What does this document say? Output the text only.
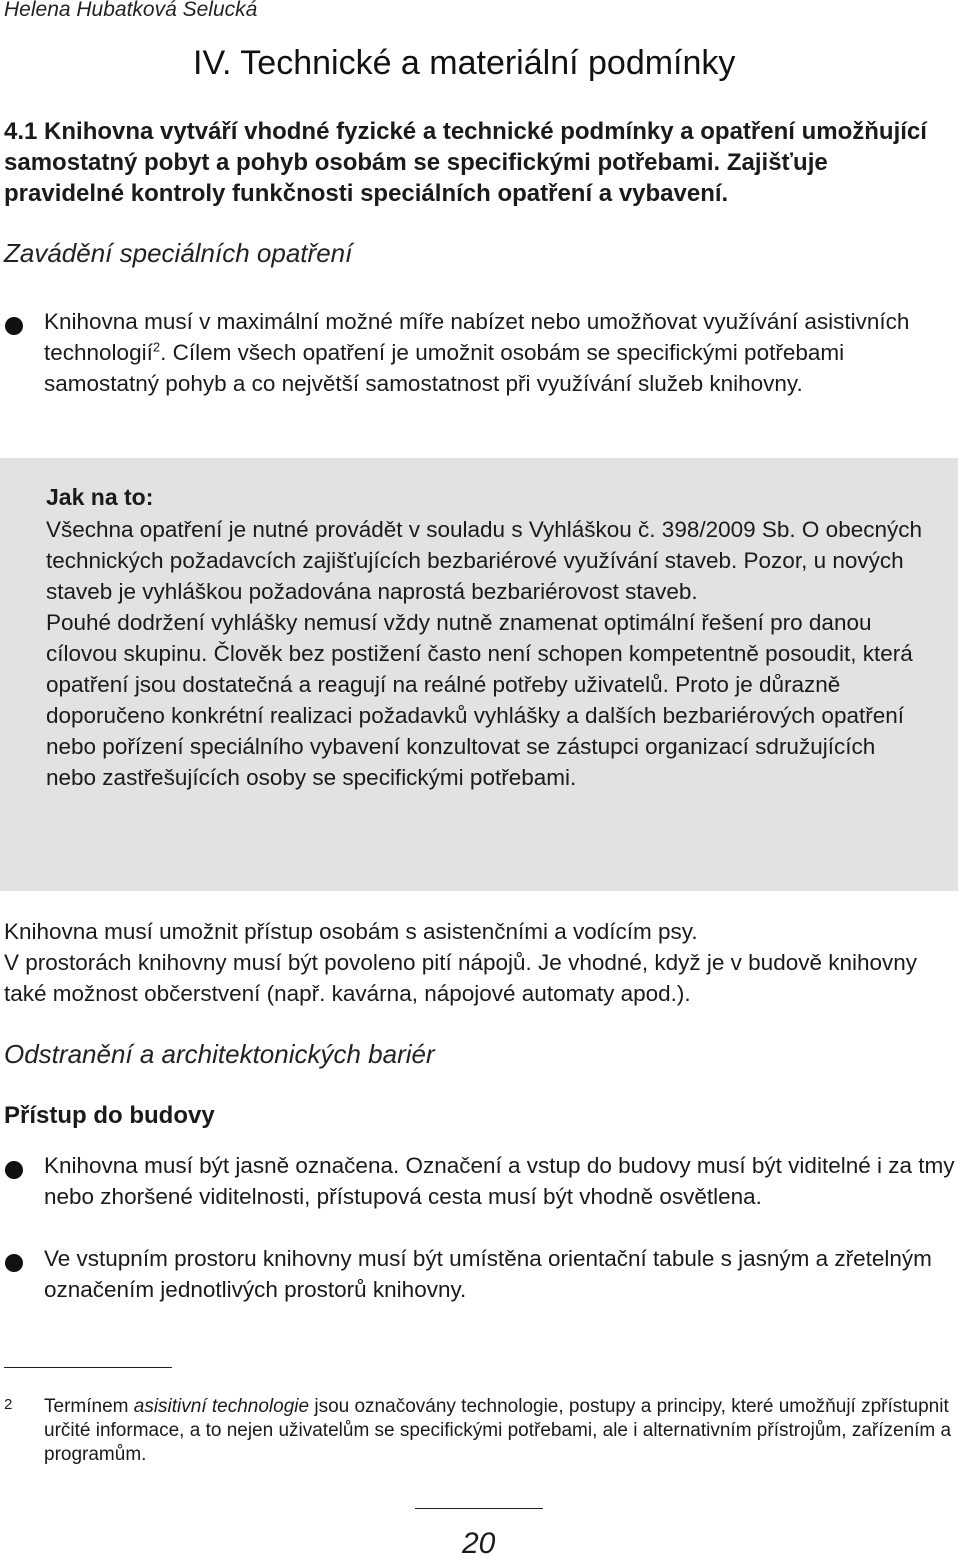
Helena Hubatková Selucká
IV. Technické a materiální podmínky
4.1 Knihovna vytváří vhodné fyzické a technické podmínky a opatření umožňující samostatný pobyt a pohyb osobám se specifickými potřebami. Zajišťuje pravidelné kontroly funkčnosti speciálních opatření a vybavení.
Zavádění speciálních opatření
Knihovna musí v maximální možné míře nabízet nebo umožňovat využívání asistivních technologií$^2$. Cílem všech opatření je umožnit osobám se specifickými potřebami samostatný pohyb a co největší samostatnost při využívání služeb knihovny.
Jak na to:

Všechna opatření je nutné provádět v souladu s Vyhláškou č. 398/2009 Sb. O obecných technických požadavcích zajišťujících bezbariérové využívání staveb. Pozor, u nových staveb je vyhláškou požadována naprostá bezbariérovost staveb.

Pouhé dodržení vyhlášky nemusí vždy nutně znamenat optimální řešení pro danou cílovou skupinu. Člověk bez postižení často není schopen kompetentně posoudit, která opatření jsou dostatečná a reagují na reálné potřeby uživatelů. Proto je důrazně doporučeno konkrétní realizaci požadavků vyhlášky a dalších bezbariérových opatření nebo pořízení speciálního vybavení konzultovat se zástupci organizací sdružujících nebo zastřešujících osoby se specifickými potřebami.

Knihovna musí umožnit přístup osobám s asistenčními a vodícím psy.

V prostorách knihovny musí být povoleno pití nápojů. Je vhodné, když je v budově knihovny také možnost občerstvení (např. kavárna, nápojové automaty apod.).

Odstranění a architektonických bariér
Přístup do budovy
Knihovna musí být jasně označena. Označení a vstup do budovy musí být viditelné i za tmy nebo zhoršené viditelnosti, přístupová cesta musí být vhodně osvětlena.
Ve vstupním prostoru knihovny musí být umístěna orientační tabule s jasným a zřetelným označením jednotlivých prostorů knihovny.
2 Termínem asisitivní technologie jsou označovány technologie, postupy a principy, které umožňují zpřístupnit určité informace, a to nejen uživatelům se specifickými potřebami, ale i alternativním přístrojům, zařízením a programům.
20
